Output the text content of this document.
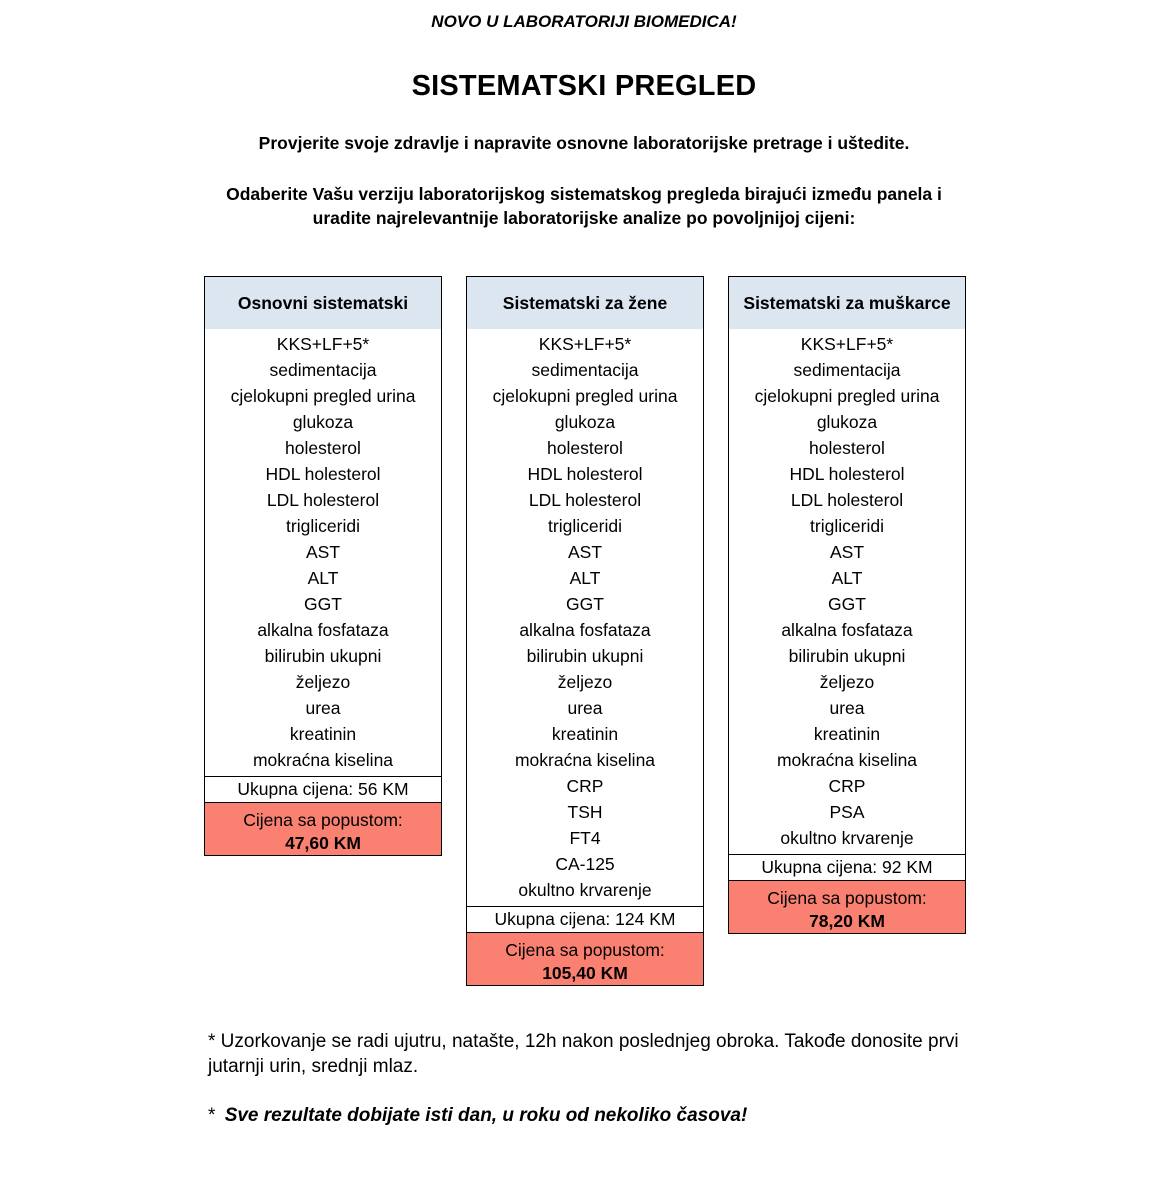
NOVO U LABORATORIJI BIOMEDICA!

SISTEMATSKI PREGLED

Provjerite svoje zdravlje i napravite osnovne laboratorijske pretrage i uštedite.

Odaberite Vašu verziju laboratorijskog sistematskog pregleda birajući između panela i uradite najrelevantnije laboratorijske analize po povoljnijoj cijeni:

Osnovni sistematski
KKS+LF+5*
sedimentacija
cjelokupni pregled urina
glukoza
holesterol
HDL holesterol
LDL holesterol
trigliceridi
AST
ALT
GGT
alkalna fosfataza
bilirubin ukupni
željezo
urea
kreatinin
mokraćna kiselina
Ukupna cijena: 56 KM
Cijena sa popustom:
47,60 KM
Sistematski za žene
KKS+LF+5*
sedimentacija
cjelokupni pregled urina
glukoza
holesterol
HDL holesterol
LDL holesterol
trigliceridi
AST
ALT
GGT
alkalna fosfataza
bilirubin ukupni
željezo
urea
kreatinin
mokraćna kiselina
CRP
TSH
FT4
CA-125
okultno krvarenje
Ukupna cijena: 124 KM
Cijena sa popustom:
105,40 KM
Sistematski za muškarce
KKS+LF+5*
sedimentacija
cjelokupni pregled urina
glukoza
holesterol
HDL holesterol
LDL holesterol
trigliceridi
AST
ALT
GGT
alkalna fosfataza
bilirubin ukupni
željezo
urea
kreatinin
mokraćna kiselina
CRP
PSA
okultno krvarenje
Ukupna cijena: 92 KM
Cijena sa popustom:
78,20 KM

* Uzorkovanje se radi ujutru, natašte, 12h nakon poslednjeg obroka. Takođe donosite prvi jutarnji urin, srednji mlaz.

* Sve rezultate dobijate isti dan, u roku od nekoliko časova!
